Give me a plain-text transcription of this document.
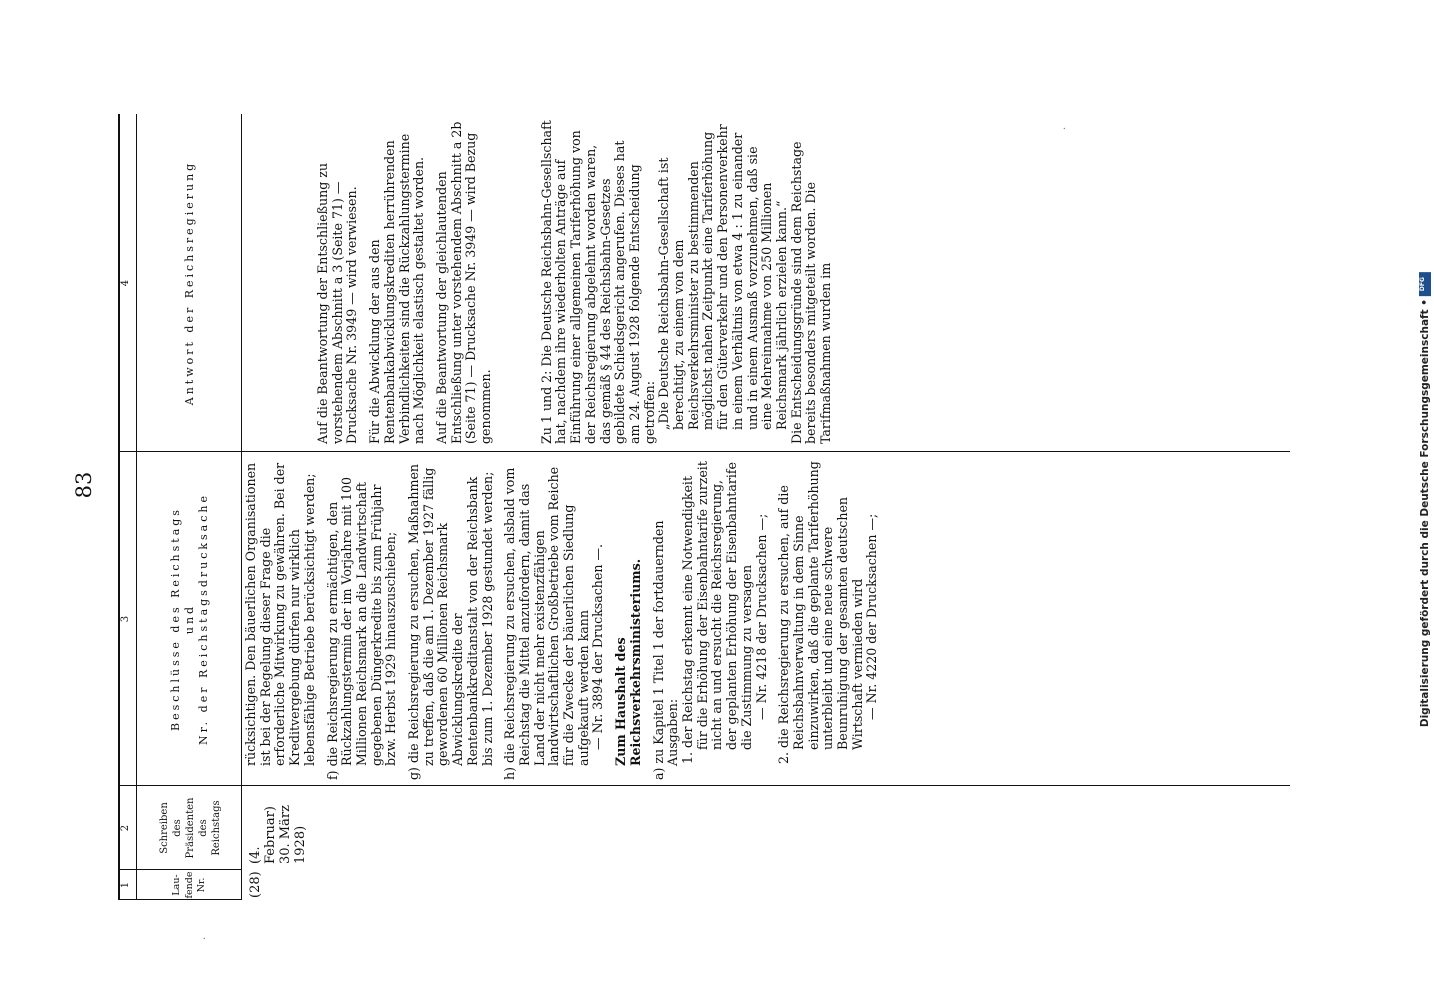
83
·
·
1
2
3
4
Lau- fende Nr.
Schreiben des Präsidenten des Reichstags
Beschlüsse des Reichstags und Nr. der Reichstagsdrucksache
Antwort der Reichsregierung
(28)
(4. Februar) 30. März 1928)

rücksichtigen. Den bäuerlichen Organisationen ist bei der Regelung dieser Frage die erforderliche Mitwirkung zu gewähren. Bei der Kreditvergebung dürfen nur wirklich lebensfähige Betriebe berücksichtigt werden; f) die Reichsregierung zu ermächtigen, den Rückzahlungstermin der im Vorjahre mit 100 Millionen Reichsmark an die Landwirtschaft gegebenen Düngerkredite bis zum Frühjahr bzw. Herbst 1929 hinauszuschieben; g) die Reichsregierung zu ersuchen, Maßnahmen zu treffen, daß die am 1. Dezember 1927 fällig gewordenen 60 Millionen Reichsmark Abwicklungskredite der Rentenbankkreditanstalt von der Reichsbank bis zum 1. Dezember 1928 gestundet werden; h) die Reichsregierung zu ersuchen, alsbald vom Reichstag die Mittel anzufordern, damit das Land der nicht mehr existenzfähigen landwirtschaftlichen Großbetriebe vom Reiche für die Zwecke der bäuerlichen Siedlung aufgekauft werden kann — Nr. 3894 der Drucksachen —. Zum Haushalt des Reichsverkehrsministeriums. a) zu Kapitel 1 Titel 1 der fortdauernden Ausgaben: 1. der Reichstag erkennt eine Notwendigkeit für die Erhöhung der Eisenbahntarife zurzeit nicht an und ersucht die Reichsregierung, der geplanten Erhöhung der Eisenbahntarife die Zustimmung zu versagen — Nr. 4218 der Drucksachen —; 2. die Reichsregierung zu ersuchen, auf die Reichsbahnverwaltung in dem Sinne einzuwirken, daß die geplante Tariferhöhung unterbleibt und eine neue schwere Beunruhigung der gesamten deutschen Wirtschaft vermieden wird — Nr. 4220 der Drucksachen —;

Auf die Beantwortung der Entschließung zu vorstehendem Abschnitt a 3 (Seite 71) — Drucksache Nr. 3949 — wird verwiesen. Für die Abwicklung der aus den Rentenbankabwicklungskrediten herrührenden Verbindlichkeiten sind die Rückzahlungstermine nach Möglichkeit elastisch gestaltet worden. Auf die Beantwortung der gleichlautenden Entschließung unter vorstehendem Abschnitt a 2b (Seite 71) — Drucksache Nr. 3949 — wird Bezug genommen.	Zu 1 und 2: Die Deutsche Reichsbahn-Gesellschaft hat, nachdem ihre wiederholten Anträge auf Einführung einer allgemeinen Tariferhöhung von der Reichsregierung abgelehnt worden waren, das gemäß § 44 des Reichsbahn-Gesetzes gebildete Schiedsgericht angerufen. Dieses hat am 24. August 1928 folgende Entscheidung getroffen: „Die Deutsche Reichsbahn-Gesellschaft ist berechtigt, zu einem von dem Reichsverkehrsminister zu bestimmenden möglichst nahen Zeitpunkt eine Tariferhöhung für den Güterverkehr und den Personenverkehr in einem Verhältnis von etwa 4 : 1 zu einander und in einem Ausmaß vorzunehmen, daß sie eine Mehreinnahme von 250 Millionen Reichsmark jährlich erzielen kann.“ Die Entscheidungsgründe sind dem Reichstage bereits besonders mitgeteilt worden. Die Tarifmaßnahmen wurden im	Digitalisierung gefördert durch die Deutsche Forschungsgemeinschaft •
DFG
